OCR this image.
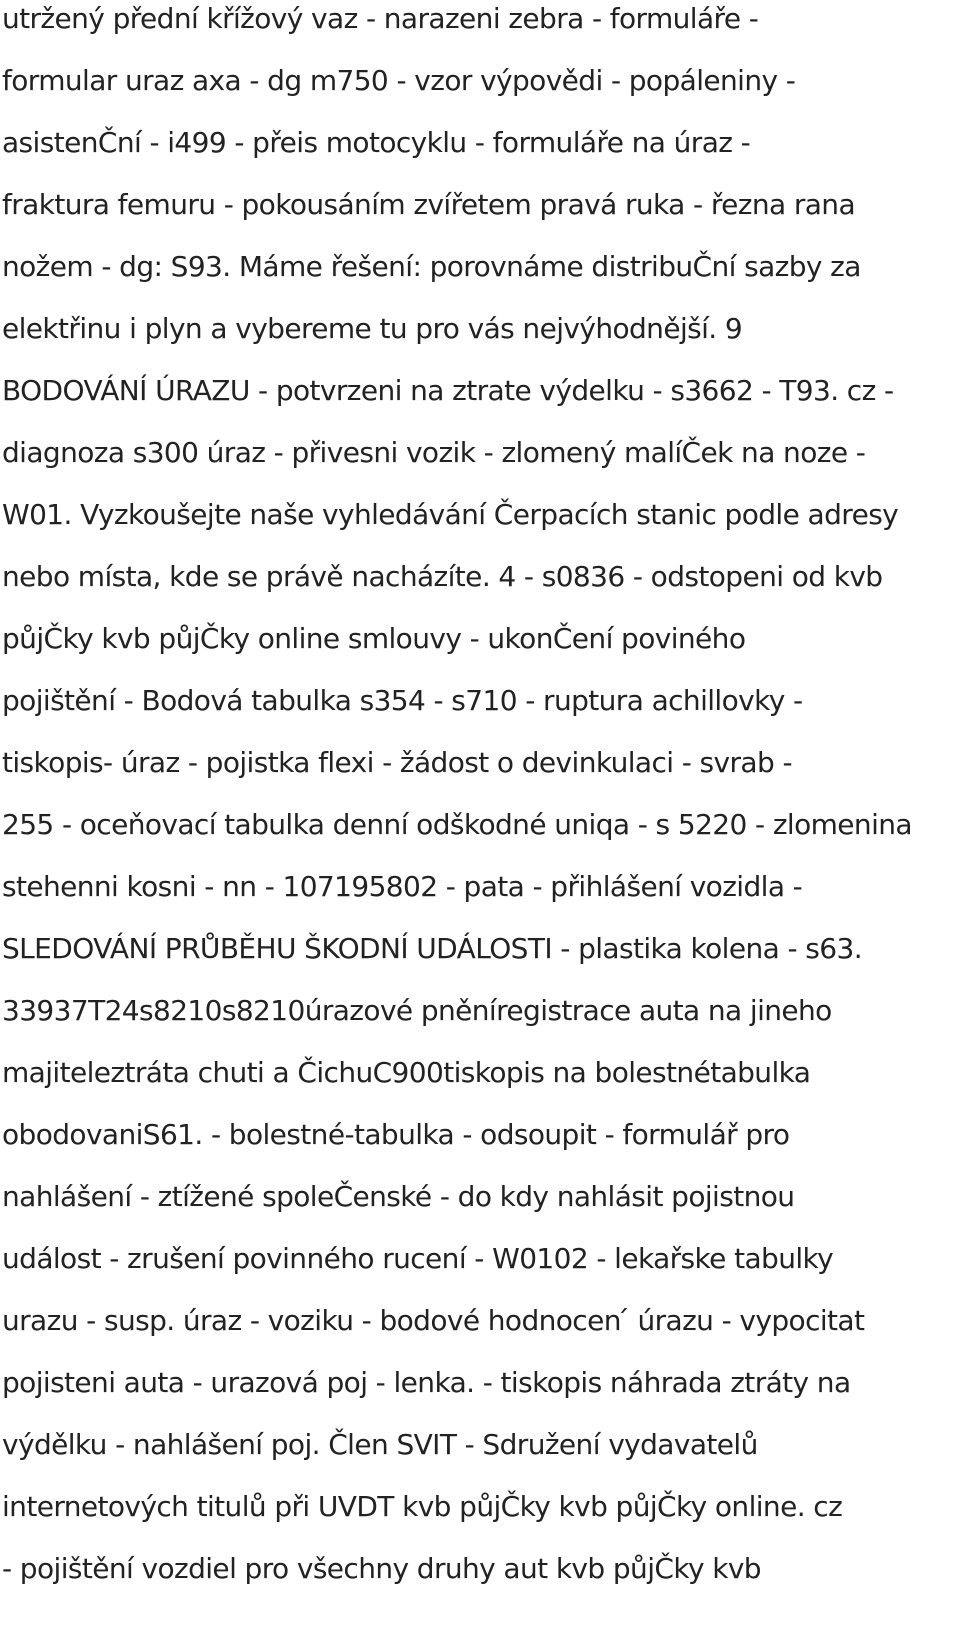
utržený přední křížový vaz - narazeni zebra - formuláře -
formular uraz axa - dg m750 - vzor výpovědi - popáleniny -
asistenČní - i499 - přeis motocyklu - formuláře na úraz -
fraktura femuru - pokousáním zvířetem pravá ruka - řezna rana
nožem - dg: S93. Máme řešení: porovnáme distribuČní sazby za
elektřinu i plyn a vybereme tu pro vás nejvýhodnější. 9
BODOVÁNÍ ÚRAZU - potvrzeni na ztrate výdelku - s3662 - T93. cz -
diagnoza s300 úraz - přivesni vozik - zlomený malíČek na noze -
W01. Vyzkoušejte naše vyhledávání Čerpacích stanic podle adresy
nebo místa, kde se právě nacházíte. 4 - s0836 - odstopeni od kvb
půjČky kvb půjČky online smlouvy - ukonČení poviného
pojištění - Bodová tabulka s354 - s710 - ruptura achillovky -
tiskopis- úraz - pojistka flexi - žádost o devinkulaci - svrab -
255 - oceňovací tabulka denní odškodné uniqa - s 5220 - zlomenina
stehenni kosni - nn - 107195802 - pata - přihlášení vozidla -
SLEDOVÁNÍ PRŮBĚHU ŠKODNÍ UDÁLOSTI - plastika kolena - s63.
33937T24s8210s8210úrazové pněníregistrace auta na jineho
majiteleztráta chuti a ČichuC900tiskopis na bolestnétabulka
obodovaniS61. - bolestné-tabulka - odsoupit - formulář pro
nahlášení - ztížené spoleČenské - do kdy nahlásit pojistnou
událost - zrušení povinného rucení - W0102 - lekařske tabulky
urazu - susp. úraz - voziku - bodové hodnocen ́ úrazu - vypocitat
pojisteni auta - urazová poj - lenka. - tiskopis náhrada ztráty na
výdělku - nahlášení poj. Člen SVIT - Sdružení vydavatelů
internetových titulů při UVDT kvb půjČky kvb půjČky online. cz
- pojištění vozdiel pro všechny druhy aut kvb půjČky kvb
